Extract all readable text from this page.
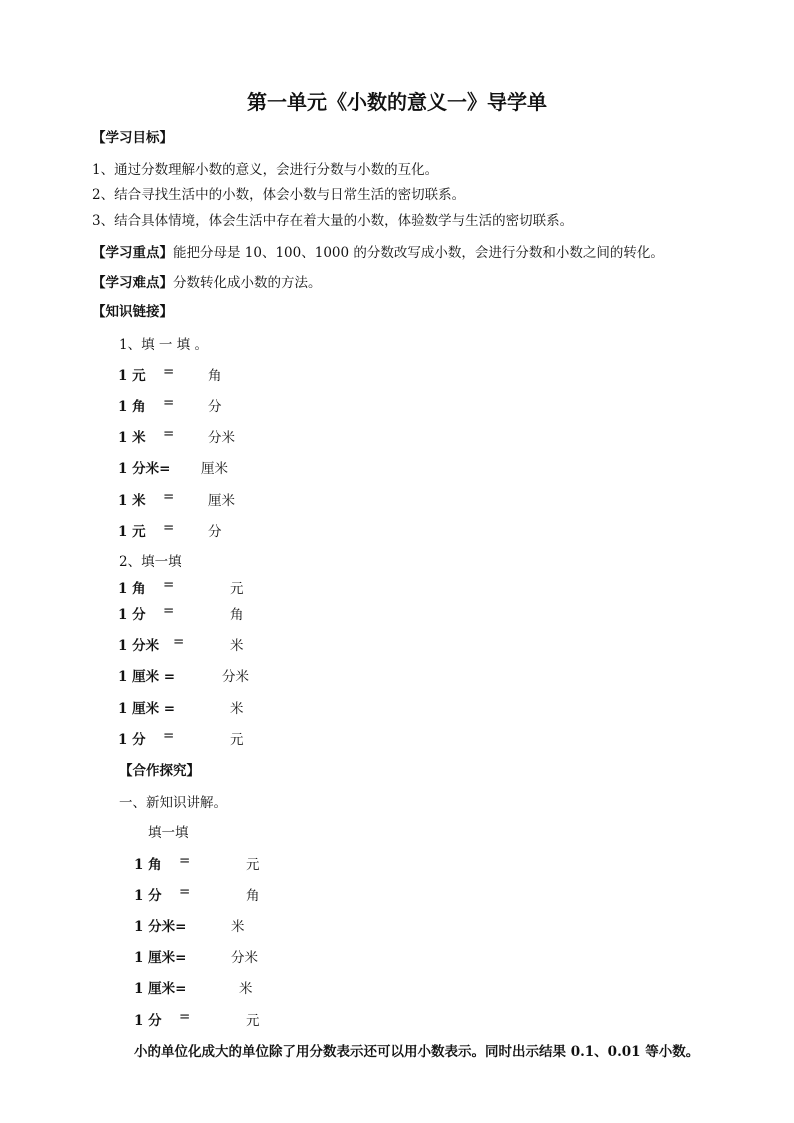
第一单元《小数的意义一》导学单
【学习目标】
1、通过分数理解小数的意义，会进行分数与小数的互化。
2、结合寻找生活中的小数，体会小数与日常生活的密切联系。
3、结合具体情境，体会生活中存在着大量的小数，体验数学与生活的密切联系。
【学习重点】能把分母是 10、100、1000 的分数改写成小数，会进行分数和小数之间的转化。
【学习难点】分数转化成小数的方法。
【知识链接】
1、填 一 填 。
1 元 = 角
1 角 = 分
1 米 = 分米
1 分米= 厘米
1 米 = 厘米
1 元 = 分
2、填一填
1 角 =	元
1 分 =	角
1 分米 =	米
1 厘米 =	分米
1 厘米 =	米
1 分 =	元
【合作探究】
一、新知识讲解。
填一填
1 角 =	元
1 分 =	角
1 分米=	米
1 厘米=	分米
1 厘米=	米
1 分 =	元
小的单位化成大的单位除了用分数表示还可以用小数表示。同时出示结果 0.1、0.01 等小数。
